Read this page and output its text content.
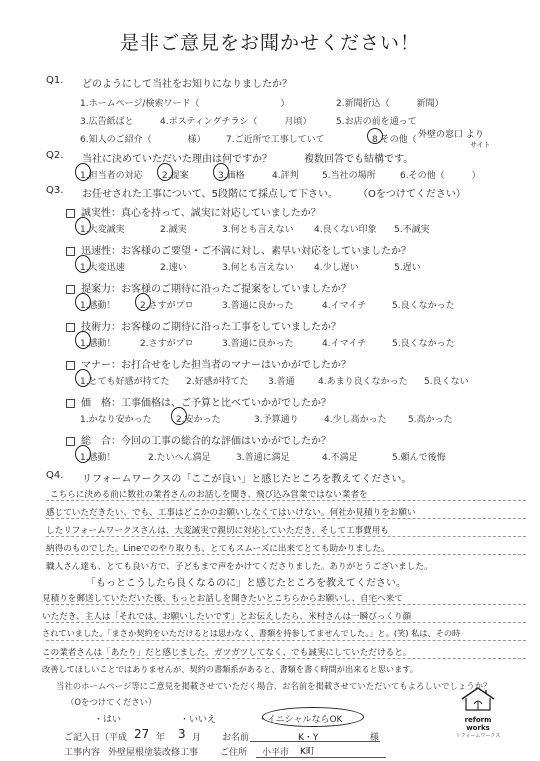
是非ご意見をお聞かせください！
Q1. どのようにして当社をお知りになりましたか？
1.ホームページ/検索ワード（　　　　　　　　　）	2.新聞折込（　　　新聞）
3.広告紙ばと	4.ポスティングチラシ（　　　月頃）	5.お店の前を通って
6.知人のご紹介（　　　　様） 7.ご近所で工事していて	8.その他（ 外壁の窓口 より
サイト
Q2. 当社に決めていただいた理由は何ですか？	複数回答でも結構です。
1.担当者の対応 2.提案	3.価格	4.評判	5.当社の場所	6.その他（　　　）
Q3. お任せされた工事について、5段階にて採点して下さい。 （Oをつけてください）
誠実性：真心を持って、誠実に対応していましたか？
1.大変誠実	2.誠実	3.何とも言えない 4.良くない印象 5.不誠実
迅速性：お客様のご要望・ご不満に対し、素早い対応をしていましたか？
1.大変迅速	2.速い	3.何とも言えない 4.少し遅い	5.遅い
提案力：お客様のご期待に沿ったご提案をしていましたか？
1.感動！	2.さすがプロ	3.普通に良かった	4.イマイチ	5.良くなかった
技術力：お客様のご期待に沿った工事をしていましたか？
1.感動！	2.さすがプロ	3.普通に良かった	4.イマイチ	5.良くなかった
マナー：お打合せをした担当者のマナーはいかがでしたか？
1.とても好感が持てた 2.好感が持てた 3.普通	4.あまり良くなかった 5.良くない
価　格：工事価格は、ご予算と比べていかがでしたか？
1.かなり安かった	2.安かった	3.予算通り	4.少し高かった 5.高かった
総　合：今回の工事の総合的な評価はいかがでしたか？
1.感動！	2.たいへん満足	3.普通に満足	4.不満足	5.頼んで後悔
Q4. リフォームワークスの「ここが良い」と感じたところを教えてください。
こちらに決める前に数社の業者さんのお話しを聞き、飛び込み営業ではない業者を
感じていただきたい、でも、工事はどこかのお願いしなくてはいけない。何社か見積りをお願い
したリフォームワークスさんは、大変誠実で親切に対応していただき、そして工事費用も
納得のものでした。Lineでのやり取りも、とてもスムーズに出来てとても助かりました。
職人さん達も、とても良い方で、子どもまで声をかけてくださりました。ありがとうございました。
「もっとこうしたら良くなるのに」と感じたところを教えてください。
見積りを郵送していただいた後、もっとお話しを聞きたいとこちらからお願いし、自宅へ来て
いただき、主人は「それでは、お願いしたいです」とお伝えしたら、米村さんは一瞬びっくり顔
されていました。「まさか契約をいただけるとは思わなく、書類を持参してませんでした。」と。(笑) 私は、その時
この業者さんは「あたり」だと感じました。ガツガツしてなく、でも誠実にしていただけると。
改善してほしいことではありませんが、契約の書類系があると、書類を書く時間が出来ると思います。
当社のホームページ等にご意見を掲載させていただく場合、お名前を掲載させていただいてもよろしいでしょうか？
（Oをつけてください）
・はい	・いいえ	・イニシャルならOK
ご記入日（平成 27 年 3 月 お名前	K・Y	様
工事内容 外壁屋根塗装改修工事 ご住所 小平市 K町
reform works
リフォームワークス
